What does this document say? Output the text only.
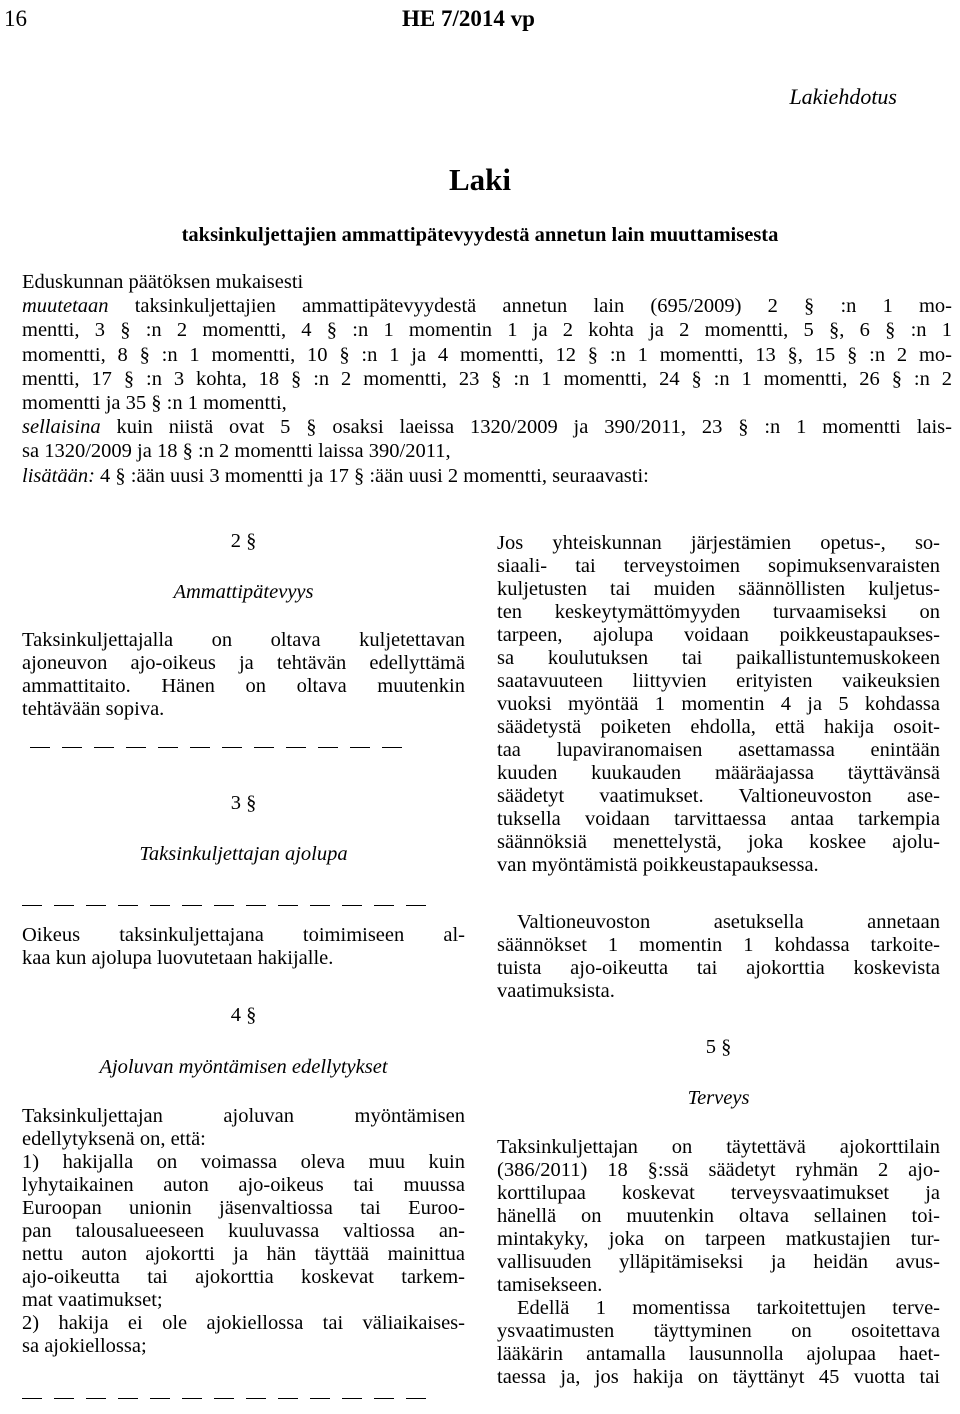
16	HE 7/2014 vp
Lakiehdotus
Laki
taksinkuljettajien ammattipätevyydestä annetun lain muuttamisesta
Eduskunnan päätöksen mukaisesti
muutetaan taksinkuljettajien ammattipätevyydestä annetun lain (695/2009) 2 § :n 1 mo-
mentti, 3 § :n 2 momentti, 4 § :n 1 momentin 1 ja 2 kohta ja 2 momentti, 5 §, 6 § :n 1
momentti, 8 § :n 1 momentti, 10 § :n 1 ja 4 momentti, 12 § :n 1 momentti, 13 §, 15 § :n 2 mo-
mentti, 17 § :n 3 kohta, 18 § :n 2 momentti, 23 § :n 1 momentti, 24 § :n 1 momentti, 26 § :n 2
momentti ja 35 § :n 1 momentti,
sellaisina kuin niistä ovat 5 § osaksi laeissa 1320/2009 ja 390/2011, 23 § :n 1 momentti lais-
sa 1320/2009 ja 18 § :n 2 momentti laissa 390/2011,
lisätään: 4 § :ään uusi 3 momentti ja 17 § :ään uusi 2 momentti, seuraavasti:
2 §
Ammattipätevyys
Taksinkuljettajalla on oltava kuljetettavan
ajoneuvon ajo-oikeus ja tehtävän edellyttämä
ammattitaito. Hänen on oltava muutenkin
tehtävään sopiva.
3 §
Taksinkuljettajan ajolupa
Oikeus taksinkuljettajana toimimiseen al-
kaa kun ajolupa luovutetaan hakijalle.
4 §
Ajoluvan myöntämisen edellytykset
Taksinkuljettajan ajoluvan myöntämisen
edellytyksenä on, että:
1) hakijalla on voimassa oleva muu kuin
lyhytaikainen auton ajo-oikeus tai muussa
Euroopan unionin jäsenvaltiossa tai Euroo-
pan talousalueeseen kuuluvassa valtiossa an-
nettu auton ajokortti ja hän täyttää mainittua
ajo-oikeutta tai ajokorttia koskevat tarkem-
mat vaatimukset;
2) hakija ei ole ajokiellossa tai väliaikaises-
sa ajokiellossa;
Jos yhteiskunnan järjestämien opetus-, so-
siaali- tai terveystoimen sopimuksenvaraisten
kuljetusten tai muiden säännöllisten kuljetus-
ten keskeytymättömyyden turvaamiseksi on
tarpeen, ajolupa voidaan poikkeustapaukses-
sa koulutuksen tai paikallistuntemuskokeen
saatavuuteen liittyvien erityisten vaikeuksien
vuoksi myöntää 1 momentin 4 ja 5 kohdassa
säädetystä poiketen ehdolla, että hakija osoit-
taa lupaviranomaisen asettamassa enintään
kuuden kuukauden määräajassa täyttävänsä
säädetyt vaatimukset. Valtioneuvoston ase-
tuksella voidaan tarvittaessa antaa tarkempia
säännöksiä menettelystä, joka koskee ajolu-
van myöntämistä poikkeustapauksessa.
Valtioneuvoston asetuksella annetaan
säännökset 1 momentin 1 kohdassa tarkoite-
tuista ajo-oikeutta tai ajokorttia koskevista
vaatimuksista.
5 §
Terveys
Taksinkuljettajan on täytettävä ajokorttilain
(386/2011) 18 §:ssä säädetyt ryhmän 2 ajo-
korttilupaa koskevat terveysvaatimukset ja
hänellä on muutenkin oltava sellainen toi-
mintakyky, joka on tarpeen matkustajien tur-
vallisuuden ylläpitämiseksi ja heidän avus-
tamisekseen.
Edellä 1 momentissa tarkoitettujen terve-
ysvaatimusten täyttyminen on osoitettava
lääkärin antamalla lausunnolla ajolupaa haet-
taessa ja, jos hakija on täyttänyt 45 vuotta tai
